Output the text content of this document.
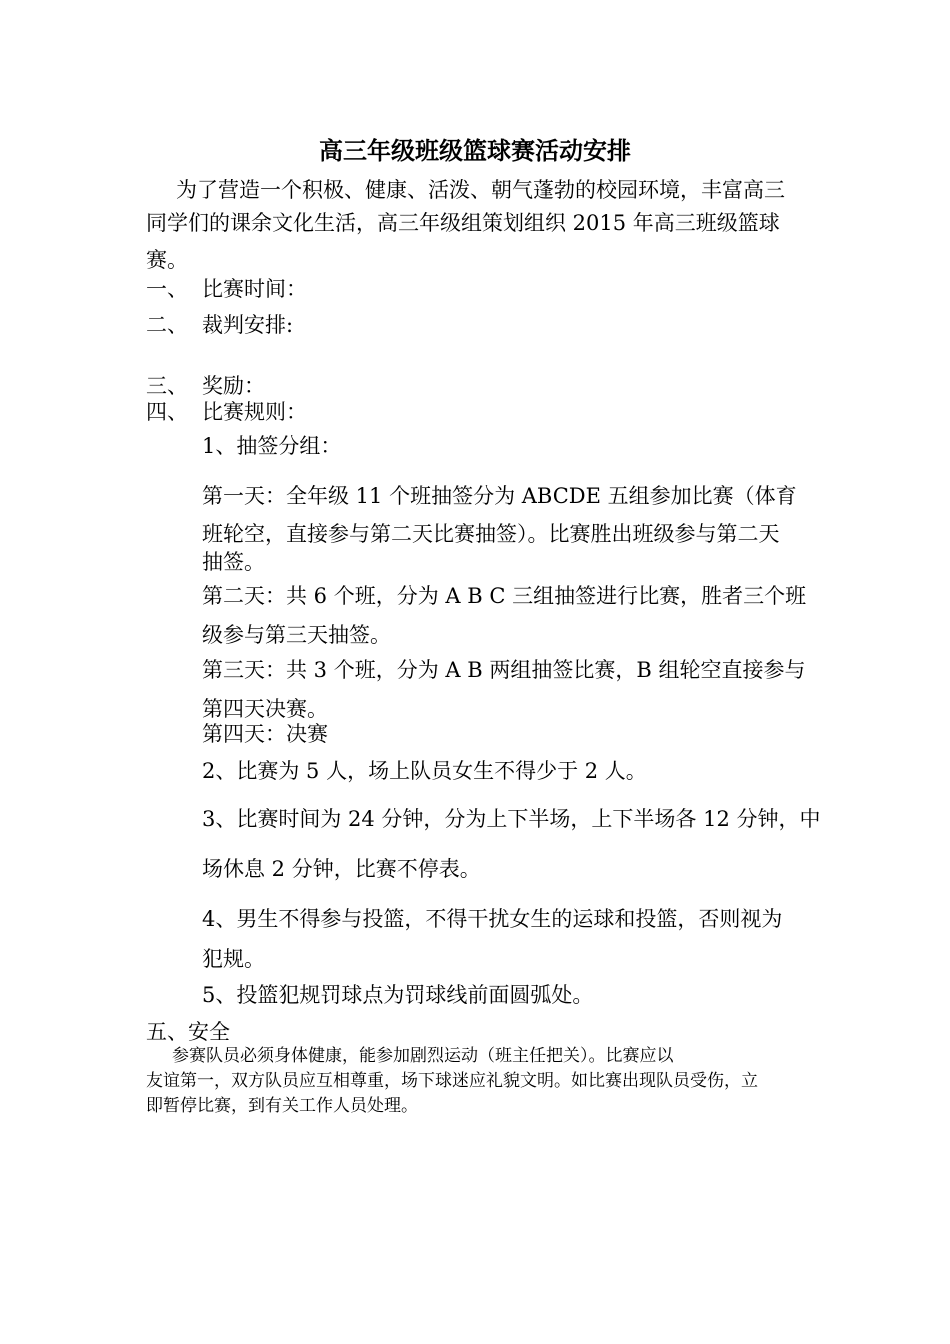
高三年级班级篮球赛活动安排
为了营造一个积极、健康、活泼、朝气蓬勃的校园环境，丰富高三
同学们的课余文化生活，高三年级组策划组织 2015 年高三班级篮球
赛。
一、 比赛时间：
二、 裁判安排:
三、 奖励：
四、 比赛规则：
1、抽签分组：
第一天：全年级 11 个班抽签分为 ABCDE 五组参加比赛（体育
班轮空，直接参与第二天比赛抽签）。比赛胜出班级参与第二天
抽签。
第二天：共 6 个班，分为 A B C 三组抽签进行比赛，胜者三个班
级参与第三天抽签。
第三天：共 3 个班，分为 A B 两组抽签比赛，B 组轮空直接参与
第四天决赛。
第四天：决赛
2、比赛为 5 人，场上队员女生不得少于 2 人。
3、比赛时间为 24 分钟，分为上下半场，上下半场各 12 分钟，中
场休息 2 分钟，比赛不停表。
4、男生不得参与投篮，不得干扰女生的运球和投篮，否则视为
犯规。
5、投篮犯规罚球点为罚球线前面圆弧处。
五、安全
参赛队员必须身体健康，能参加剧烈运动（班主任把关）。比赛应以
友谊第一，双方队员应互相尊重，场下球迷应礼貌文明。如比赛出现队员受伤，立
即暂停比赛，到有关工作人员处理。
